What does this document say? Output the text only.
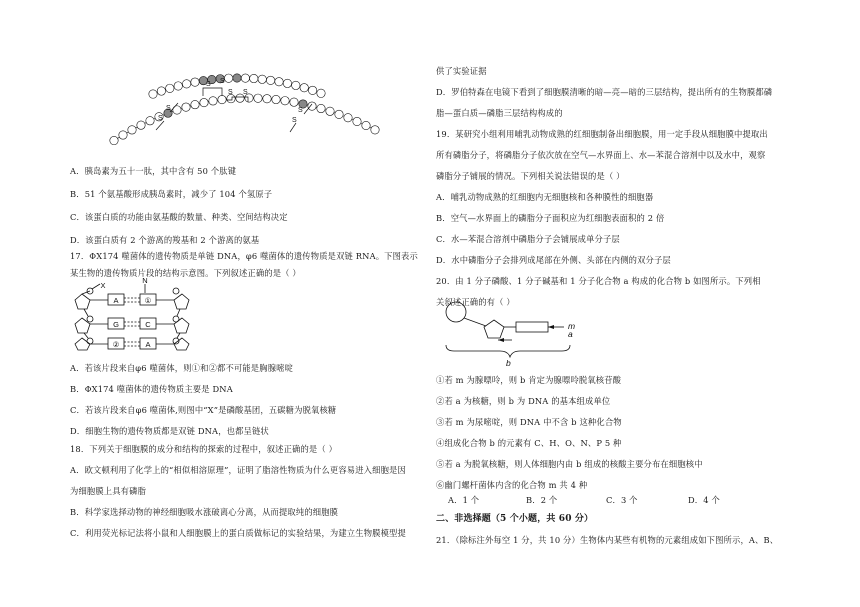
S S
S S
S
S
S
S
A．胰岛素为五十一肽，其中含有 50 个肽键
B．51 个氨基酸形成胰岛素时，减少了 104 个氢原子
C．该蛋白质的功能由氨基酸的数量、种类、空间结构决定
D．该蛋白质有 2 个游离的羧基和 2 个游离的氨基
17．ΦX174 噬菌体的遗传物质是单链 DNA，φ6 噬菌体的遗传物质是双链 RNA。下图表示
某生物的遗传物质片段的结构示意图。下列叙述正确的是（ ）
X
N
A	①
G	C
②	A
A．若该片段来自φ6 噬菌体，则①和②都不可能是胸腺嘧啶
B．ΦX174 噬菌体的遗传物质主要是 DNA
C．若该片段来自φ6 噬菌体,则图中“X”是磷酸基团，五碳糖为脱氧核糖
D．细胞生物的遗传物质都是双链 DNA，也都呈链状
18．下列关于细胞膜的成分和结构的探索的过程中，叙述正确的是（ ）
A．欧文顿利用了化学上的“相似相溶原理”，证明了脂溶性物质为什么更容易进入细胞是因
为细胞膜上具有磷脂
B．科学家选择动物的神经细胞吸水涨破离心分离，从而提取纯的细胞膜
C．利用荧光标记法将小鼠和人细胞膜上的蛋白质做标记的实验结果，为建立生物膜模型提
供了实验证据
D．罗伯特森在电镜下看到了细胞膜清晰的暗—亮—暗的三层结构，提出所有的生物膜都磷
脂—蛋白质—磷脂三层结构构成的
19．某研究小组利用哺乳动物成熟的红细胞制备出细胞膜，用一定手段从细胞膜中提取出
所有磷脂分子，将磷脂分子依次放在空气—水界面上、水—苯混合溶剂中以及水中，观察
磷脂分子铺展的情况。下列相关说法错误的是（ ）
A．哺乳动物成熟的红细胞内无细胞核和各种膜性的细胞器
B．空气—水界面上的磷脂分子面积应为红细胞表面积的 2 倍
C．水—苯混合溶剂中磷脂分子会铺展成单分子层
D．水中磷脂分子会排列成尾部在外侧、头部在内侧的双分子层
20．由 1 分子磷酸、1 分子碱基和 1 分子化合物 a 构成的化合物 b 如图所示。下列相
关叙述正确的有（ ）
m
a
b
①若 m 为腺嘌呤，则 b 肯定为腺嘌呤脱氧核苷酸
②若 a 为核糖，则 b 为 DNA 的基本组成单位
③若 m 为尿嘧啶，则 DNA 中不含 b 这种化合物
④组成化合物 b 的元素有 C、H、O、N、P 5 种
⑤若 a 为脱氧核糖，则人体细胞内由 b 组成的核酸主要分布在细胞核中
⑥幽门螺杆菌体内含的化合物 m 共 4 种
A．1 个	B．2 个	C．3 个	D．4 个
二、非选择题（5 个小题，共 60 分）
21．（除标注外每空 1 分，共 10 分）生物体内某些有机物的元素组成如下图所示，A、B、
